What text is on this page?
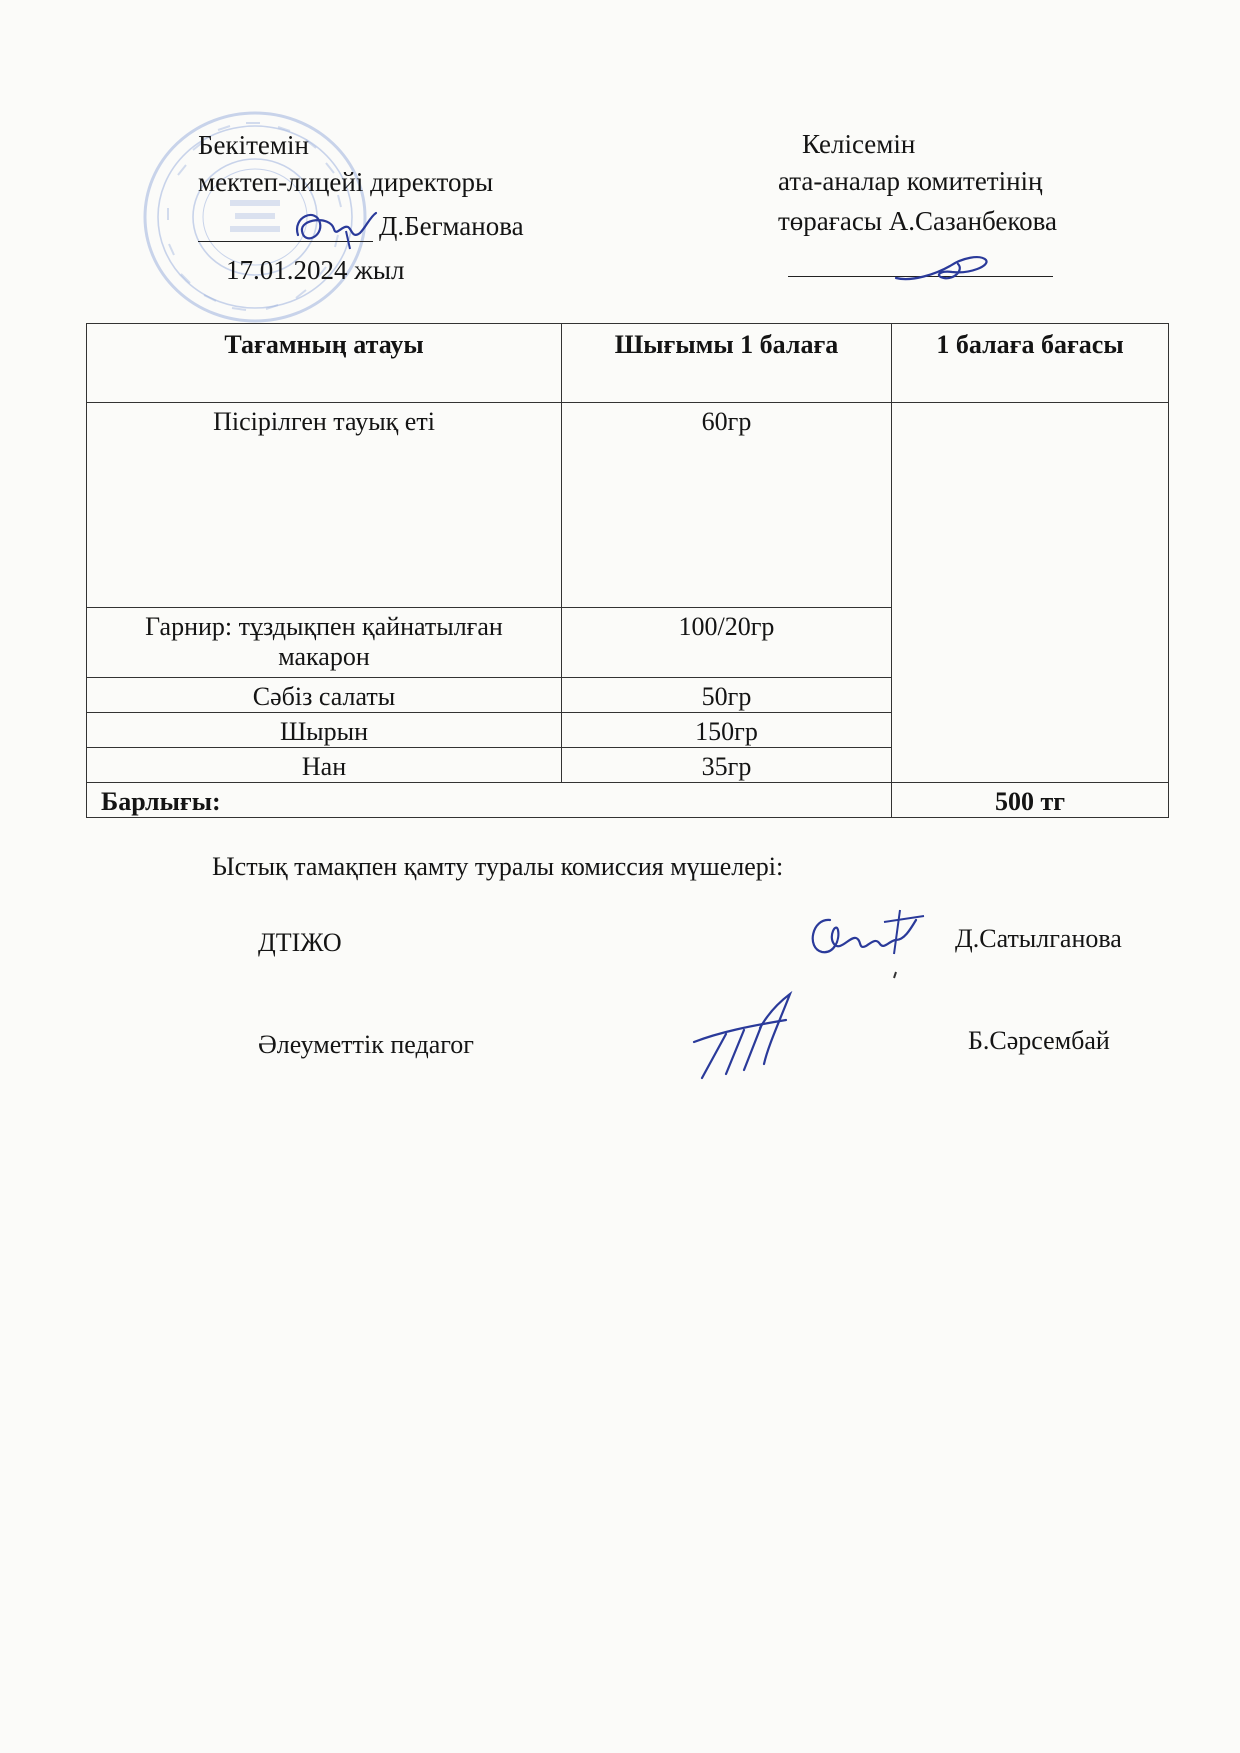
Бекітемін
мектеп-лицейі директоры
Д.Бегманова
17.01.2024 жыл
Келісемін
ата-аналар комитетінің
төрағасы А.Сазанбекова
Тағамның атауы	Шығымы 1 балаға	1 балаға бағасы
Пісірілген тауық еті	60гр	
Гарнир: тұздықпен қайнатылған макарон	100/20гр	
Сәбіз салаты	50гр	
Шырын	150гр	
Нан	35гр	
Барлығы:		500 тг
Ыстық тамақпен қамту туралы комиссия мүшелері:
ДТІЖО	Д.Сатылганова
Әлеуметтік педагог	Б.Сәрсембай
